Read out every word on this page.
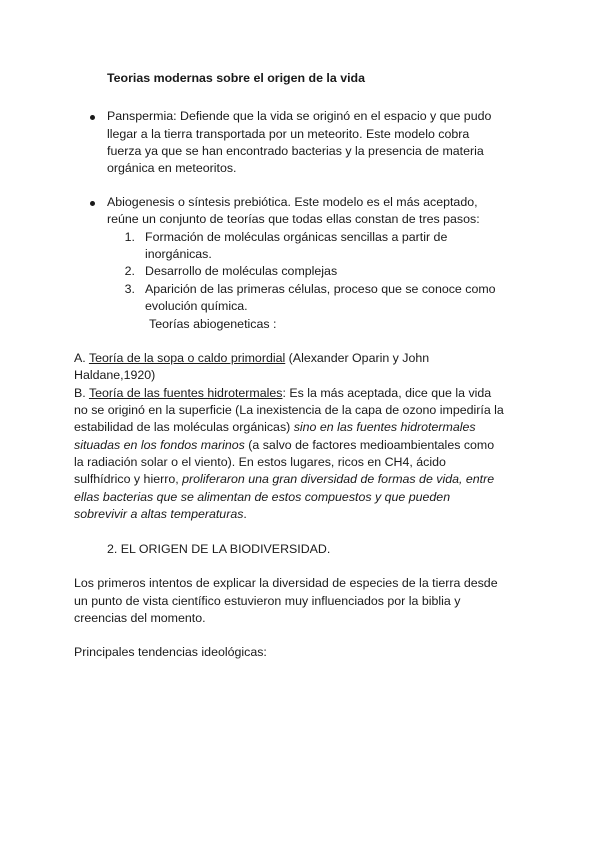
Teorias modernas sobre el origen de la vida
Panspermia: Defiende que la vida se originó en el espacio y que pudo
llegar a la tierra transportada por un meteorito. Este modelo cobra
fuerza ya que se han encontrado bacterias y la presencia de materia
orgánica en meteoritos.
Abiogenesis o síntesis prebiótica. Este modelo es el más aceptado,
reúne un conjunto de teorías que todas ellas constan de tres pasos:
1. Formación de moléculas orgánicas sencillas a partir de
inorgánicas.
2. Desarrollo de moléculas complejas
3. Aparición de las primeras células, proceso que se conoce como
evolución química.
Teorías abiogeneticas :
A. Teoría de la sopa o caldo primordial (Alexander Oparin y John
Haldane,1920)
B. Teoría de las fuentes hidrotermales: Es la más aceptada, dice que la vida
no se originó en la superficie (La inexistencia de la capa de ozono impediría la
estabilidad de las moléculas orgánicas) sino en las fuentes hidrotermales
situadas en los fondos marinos (a salvo de factores medioambientales como
la radiación solar o el viento). En estos lugares, ricos en CH4, ácido
sulfhídrico y hierro, proliferaron una gran diversidad de formas de vida, entre
ellas bacterias que se alimentan de estos compuestos y que pueden
sobrevivir a altas temperaturas.
2. EL ORIGEN DE LA BIODIVERSIDAD.
Los primeros intentos de explicar la diversidad de especies de la tierra desde
un punto de vista científico estuvieron muy influenciados por la biblia y
creencias del momento.
Principales tendencias ideológicas:
